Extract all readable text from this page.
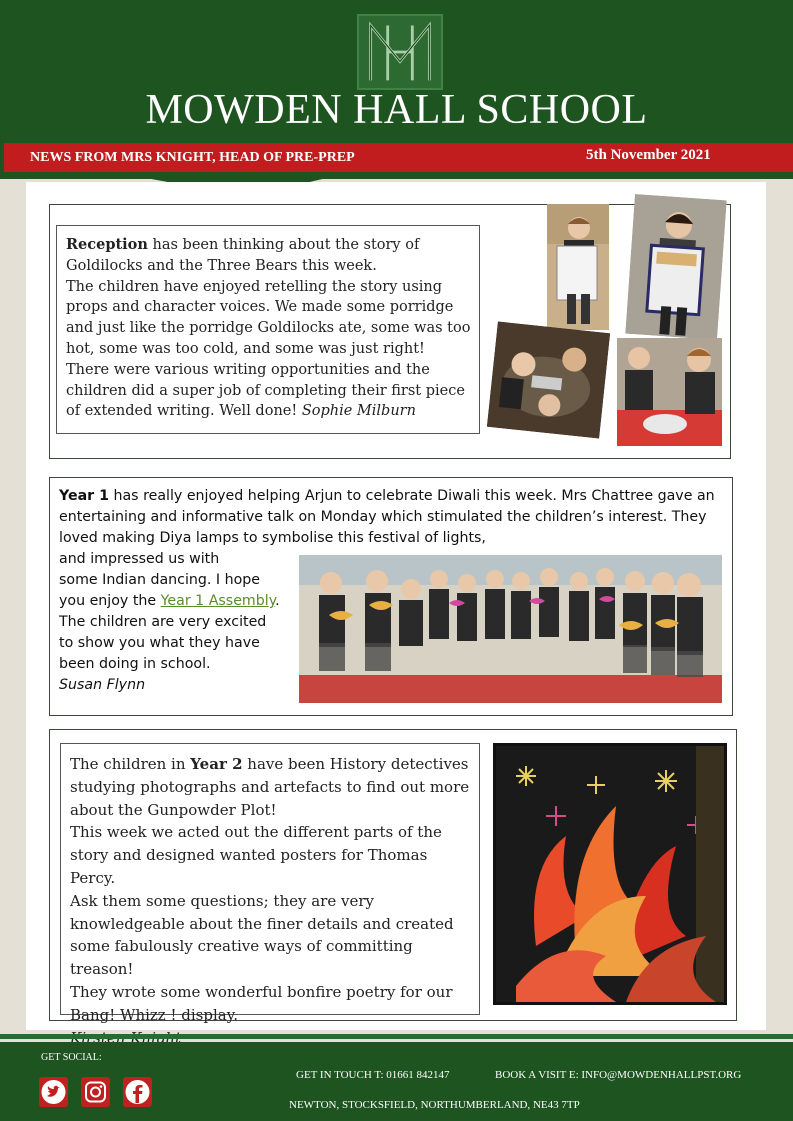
MOWDEN HALL SCHOOL
NEWS FROM MRS KNIGHT, HEAD OF PRE-PREP	5th November 2021
Reception has been thinking about the story of Goldilocks and the Three Bears this week.
The children have enjoyed retelling the story using props and character voices. We made some porridge and just like the porridge Goldilocks ate, some was too hot, some was too cold, and some was just right! There were various writing opportunities and the children did a super job of completing their first piece of extended writing. Well done! Sophie Milburn
Year 1 has really enjoyed helping Arjun to celebrate Diwali this week. Mrs Chattree gave an entertaining and informative talk on Monday which stimulated the children’s interest. They loved making Diya lamps to symbolise this festival of lights,
and impressed us with
some Indian dancing. I hope
you enjoy the Year 1 Assembly.
The children are very excited
to show you what they have
been doing in school.
Susan Flynn
The children in Year 2 have been History detectives studying photographs and artefacts to find out more about the Gunpowder Plot!
This week we acted out the different parts of the story and designed wanted posters for Thomas Percy.
Ask them some questions; they are very knowledgeable about the finer details and created some fabulously creative ways of committing treason!
They wrote some wonderful bonfire poetry for our Bang! Whizz ! display.

GET SOCIAL:
GET IN TOUCH T: 01661 842147	BOOK A VISIT E: INFO@MOWDENHALLPST.ORG
NEWTON, STOCKSFIELD, NORTHUMBERLAND, NE43 7TP
